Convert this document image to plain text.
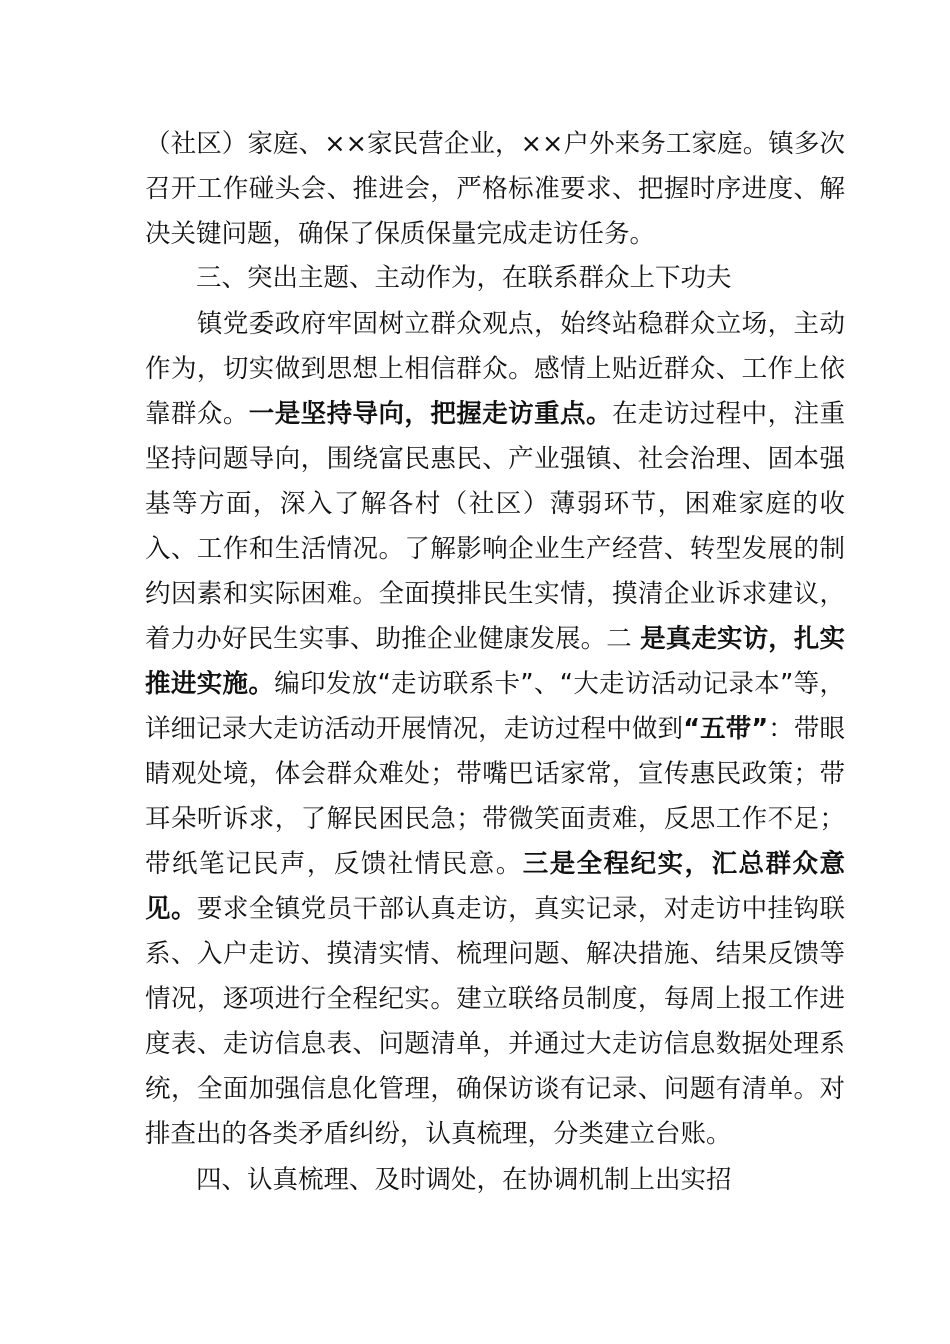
（社区）家庭、××家民营企业，××户外来务工家庭。镇多次召开工作碰头会、推进会，严格标准要求、把握时序进度、解决关键问题，确保了保质保量完成走访任务。
三、突出主题、主动作为，在联系群众上下功夫
　　镇党委政府牢固树立群众观点，始终站稳群众立场，主动作为，切实做到思想上相信群众。感情上贴近群众、工作上依靠群众。一是坚持导向，把握走访重点。在走访过程中，注重坚持问题导向，围绕富民惠民、产业强镇、社会治理、固本强基等方面，深入了解各村（社区）薄弱环节，困难家庭的收入、工作和生活情况。了解影响企业生产经营、转型发展的制约因素和实际困难。全面摸排民生实情，摸清企业诉求建议，着力办好民生实事、助推企业健康发展。二 是真走实访，扎实推进实施。编印发放“走访联系卡”、“大走访活动记录本”等，详细记录大走访活动开展情况，走访过程中做到“五带”：带眼睛观处境，体会群众难处；带嘴巴话家常，宣传惠民政策；带耳朵听诉求，了解民困民急；带微笑面责难，反思工作不足；带纸笔记民声，反馈社情民意。三是全程纪实，汇总群众意见。要求全镇党员干部认真走访，真实记录，对走访中挂钩联系、入户走访、摸清实情、梳理问题、解决措施、结果反馈等情况，逐项进行全程纪实。建立联络员制度，每周上报工作进度表、走访信息表、问题清单，并通过大走访信息数据处理系统，全面加强信息化管理，确保访谈有记录、问题有清单。对排查出的各类矛盾纠纷，认真梳理，分类建立台账。
四、认真梳理、及时调处，在协调机制上出实招
